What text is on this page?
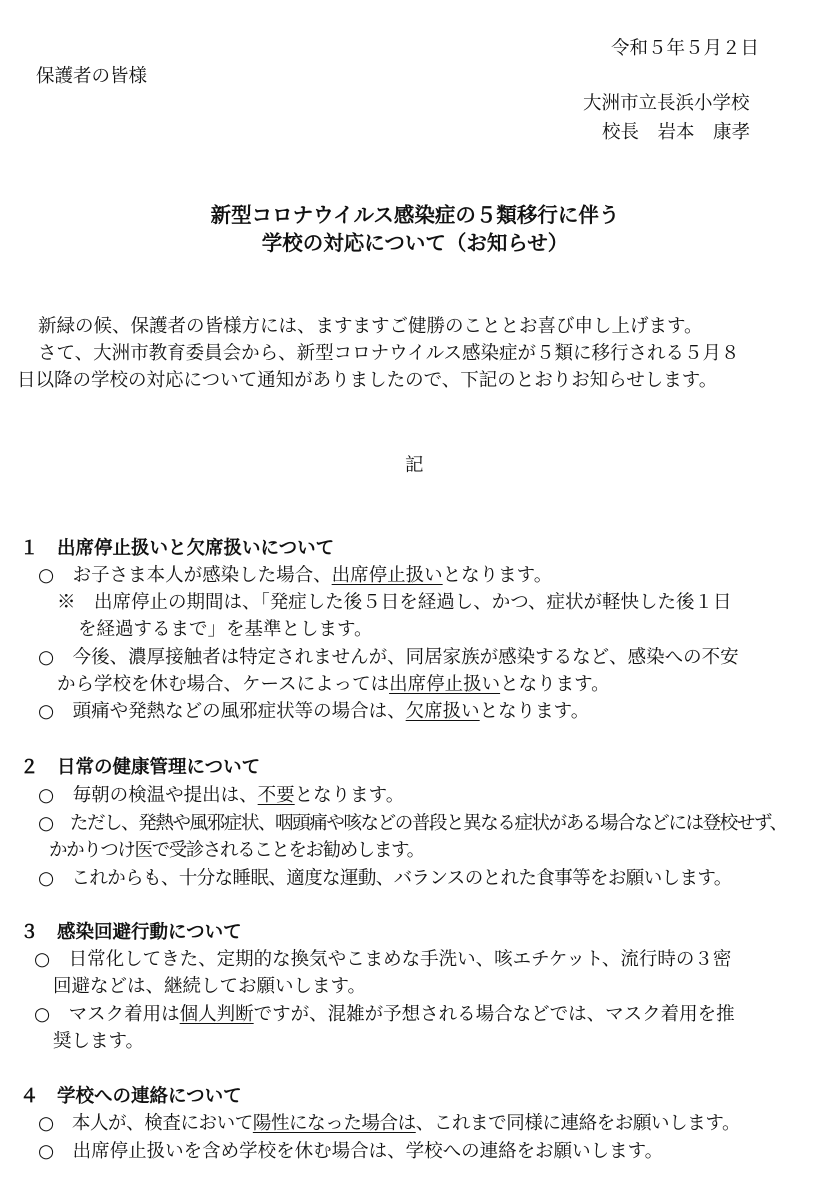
令和５年５月２日
保護者の皆様
大洲市立長浜小学校
校長　岩本　康孝
新型コロナウイルス感染症の５類移行に伴う
学校の対応について（お知らせ）
新緑の候、保護者の皆様方には、ますますご健勝のこととお喜び申し上げます。
さて、大洲市教育委員会から、新型コロナウイルス感染症が５類に移行される５月８
日以降の学校の対応について通知がありましたので、下記のとおりお知らせします。
記
１　出席停止扱いと欠席扱いについて
○　お子さま本人が感染した場合、出席停止扱いとなります。
※　出席停止の期間は、「発症した後５日を経過し、かつ、症状が軽快した後１日
を経過するまで」を基準とします。
○　今後、濃厚接触者は特定されませんが、同居家族が感染するなど、感染への不安
から学校を休む場合、ケースによっては出席停止扱いとなります。
○　頭痛や発熱などの風邪症状等の場合は、欠席扱いとなります。
２　日常の健康管理について
○　毎朝の検温や提出は、不要となります。
○　ただし、発熱や風邪症状、咽頭痛や咳などの普段と異なる症状がある場合などには登校せず、
かかりつけ医で受診されることをお勧めします。
○　これからも、十分な睡眠、適度な運動、バランスのとれた食事等をお願いします。
３　感染回避行動について
○　日常化してきた、定期的な換気やこまめな手洗い、咳エチケット、流行時の３密
回避などは、継続してお願いします。
○　マスク着用は個人判断ですが、混雑が予想される場合などでは、マスク着用を推
奨します。
４　学校への連絡について
○　本人が、検査において陽性になった場合は、これまで同様に連絡をお願いします。
○　出席停止扱いを含め学校を休む場合は、学校への連絡をお願いします。
